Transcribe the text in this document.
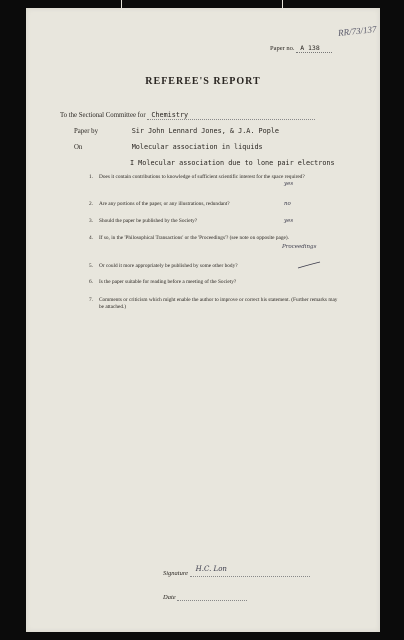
RR/73/137
Paper no. A 138
REFEREE'S REPORT
To the Sectional Committee for Chemistry
Paper by	Sir John Lennard Jones, & J.A. Pople
On	Molecular association in liquids
I Molecular association due to lone pair electrons
1. Does it contain contributions to knowledge of sufficient scientific interest for the space required?
yes
2. Are any portions of the paper, or any illustrations, redundant?	no
3. Should the paper be published by the Society?	yes
4. If so, in the 'Philosophical Transactions' or the 'Proceedings'? (see note on opposite page).
Proceedings
5. Or could it more appropriately be published by some other body?
6. Is the paper suitable for reading before a meeting of the Society?
7. Comments or criticism which might enable the author to improve or correct his statement. (Further remarks may be attached.)
Signature
H.C. Lon
Date
